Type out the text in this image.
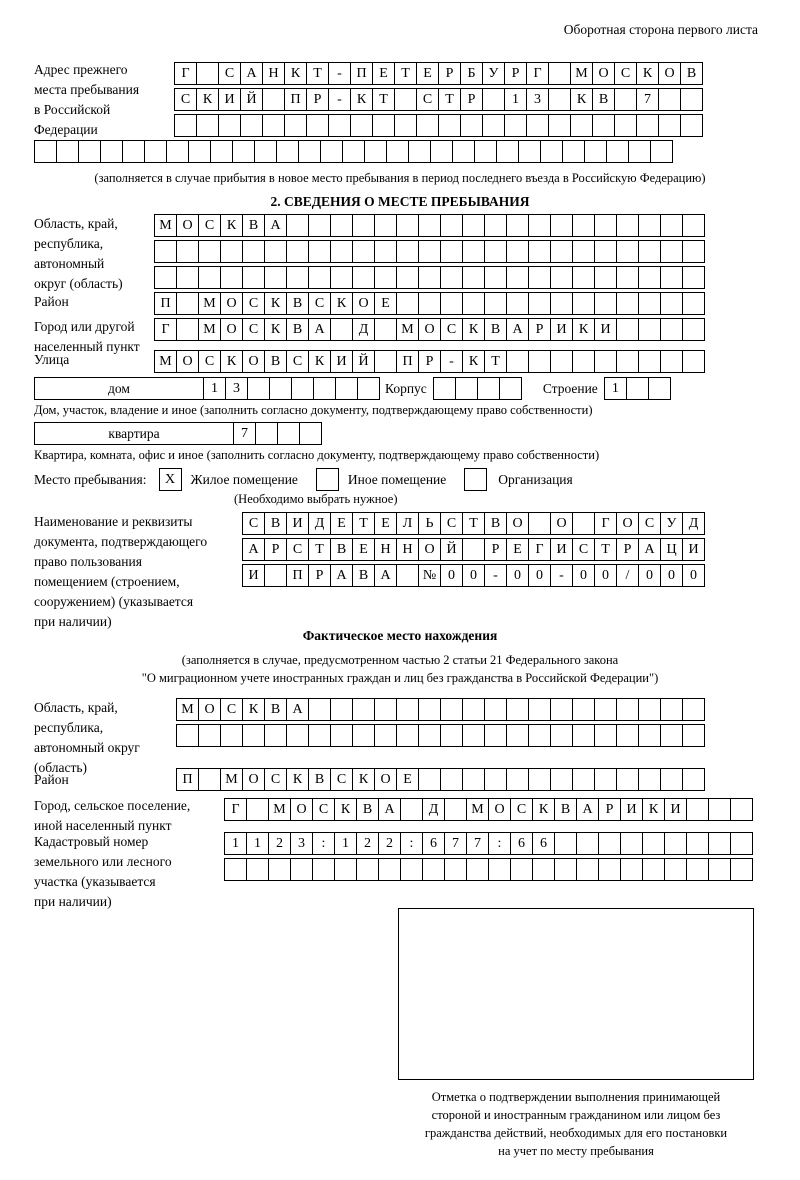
Оборотная сторона первого листа
Адрес прежнего
места пребывания
в Российской
Федерации
Г	С А Н К Т	-	П Е Т Е Р	Б У Р	Г	М О С К О В
С К И Й	П Р	-	К Т	С Т Р	1	3	К В	7
(заполняется в случае прибытия в новое место пребывания в период последнего въезда в Российскую Федерацию)
2. СВЕДЕНИЯ О МЕСТЕ ПРЕБЫВАНИЯ
Область, край,
республика,
автономный
округ (область)
М О С К В А
Район	П	М О С К В С К О Е
Город или другой
населенный пункт
Г	М О С К В А	Д	М О С К В А Р И К И
Улица	М О С К О В С К И Й	П Р	-	К Т
дом	1	3	Корпус	Строение	1
Дом, участок, владение и иное (заполнить согласно документу, подтверждающему право собственности)
квартира	7
Квартира, комната, офис и иное (заполнить согласно документу, подтверждающему право собственности)
Место пребывания:	X	Жилое помещение	Иное помещение	Организация
(Необходимо выбрать нужное)
Наименование и реквизиты
документа, подтверждающего
право пользования
помещением (строением,
сооружением) (указывается
при наличии)
С В И Д Е Т Е Л Ь С Т В О	О	Г О С У Д
А Р С Т В Е Н Н О Й	Р Е Г И С Т Р А Ц И
И	П Р А В А	№ 0	0	-	0	0	-	0	0	/	0	0	0
Фактическое место нахождения
(заполняется в случае, предусмотренном частью 2 статьи 21 Федерального закона
"О миграционном учете иностранных граждан и лиц без гражданства в Российской Федерации")
Область, край,
республика,
автономный округ
(область)
М О С К В А
Район	П	М О С К В С К О Е
Город, сельское поселение,
иной населенный пункт
Г	М О С К В А	Д	М О С К В А Р И К И
Кадастровый номер
земельного или лесного
участка (указывается
при наличии)
1	1	2	3	:	1	2	2	:	6	7	7	:	6	6
Отметка о подтверждении выполнения принимающей
стороной и иностранным гражданином или лицом без
гражданства действий, необходимых для его постановки
на учет по месту пребывания
